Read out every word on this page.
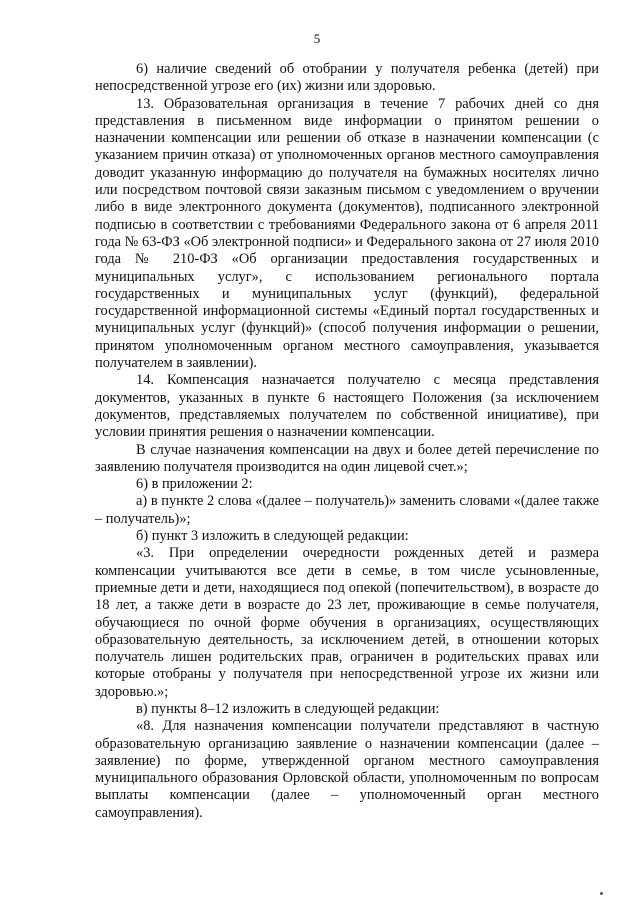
5

6) наличие сведений об отобрании у получателя ребенка (детей) при непосредственной угрозе его (их) жизни или здоровью.

13. Образовательная организация в течение 7 рабочих дней со дня представления в письменном виде информации о принятом решении о назначении компенсации или решении об отказе в назначении компенсации (с указанием причин отказа) от уполномоченных органов местного самоуправления доводит указанную информацию до получателя на бумажных носителях лично или посредством почтовой связи заказным письмом с уведомлением о вручении либо в виде электронного документа (документов), подписанного электронной подписью в соответствии с требованиями Федерального закона от 6 апреля 2011 года № 63-ФЗ «Об электронной подписи» и Федерального закона от 27 июля 2010 года № 210-ФЗ «Об организации предоставления государственных и муниципальных услуг», с использованием регионального портала государственных и муниципальных услуг (функций), федеральной государственной информационной системы «Единый портал государственных и муниципальных услуг (функций)» (способ получения информации о решении, принятом уполномоченным органом местного самоуправления, указывается получателем в заявлении).

14. Компенсация назначается получателю с месяца представления документов, указанных в пункте 6 настоящего Положения (за исключением документов, представляемых получателем по собственной инициативе), при условии принятия решения о назначении компенсации.

В случае назначения компенсации на двух и более детей перечисление по заявлению получателя производится на один лицевой счет.»;

6) в приложении 2:

а) в пункте 2 слова «(далее – получатель)» заменить словами «(далее также – получатель)»;

б) пункт 3 изложить в следующей редакции:

«3. При определении очередности рожденных детей и размера компенсации учитываются все дети в семье, в том числе усыновленные, приемные дети и дети, находящиеся под опекой (попечительством), в возрасте до 18 лет, а также дети в возрасте до 23 лет, проживающие в семье получателя, обучающиеся по очной форме обучения в организациях, осуществляющих образовательную деятельность, за исключением детей, в отношении которых получатель лишен родительских прав, ограничен в родительских правах или которые отобраны у получателя при непосредственной угрозе их жизни или здоровью.»;

в) пункты 8–12 изложить в следующей редакции:

«8. Для назначения компенсации получатели представляют в частную образовательную организацию заявление о назначении компенсации (далее – заявление) по форме, утвержденной органом местного самоуправления муниципального образования Орловской области, уполномоченным по вопросам выплаты компенсации (далее – уполномоченный орган местного самоуправления).
